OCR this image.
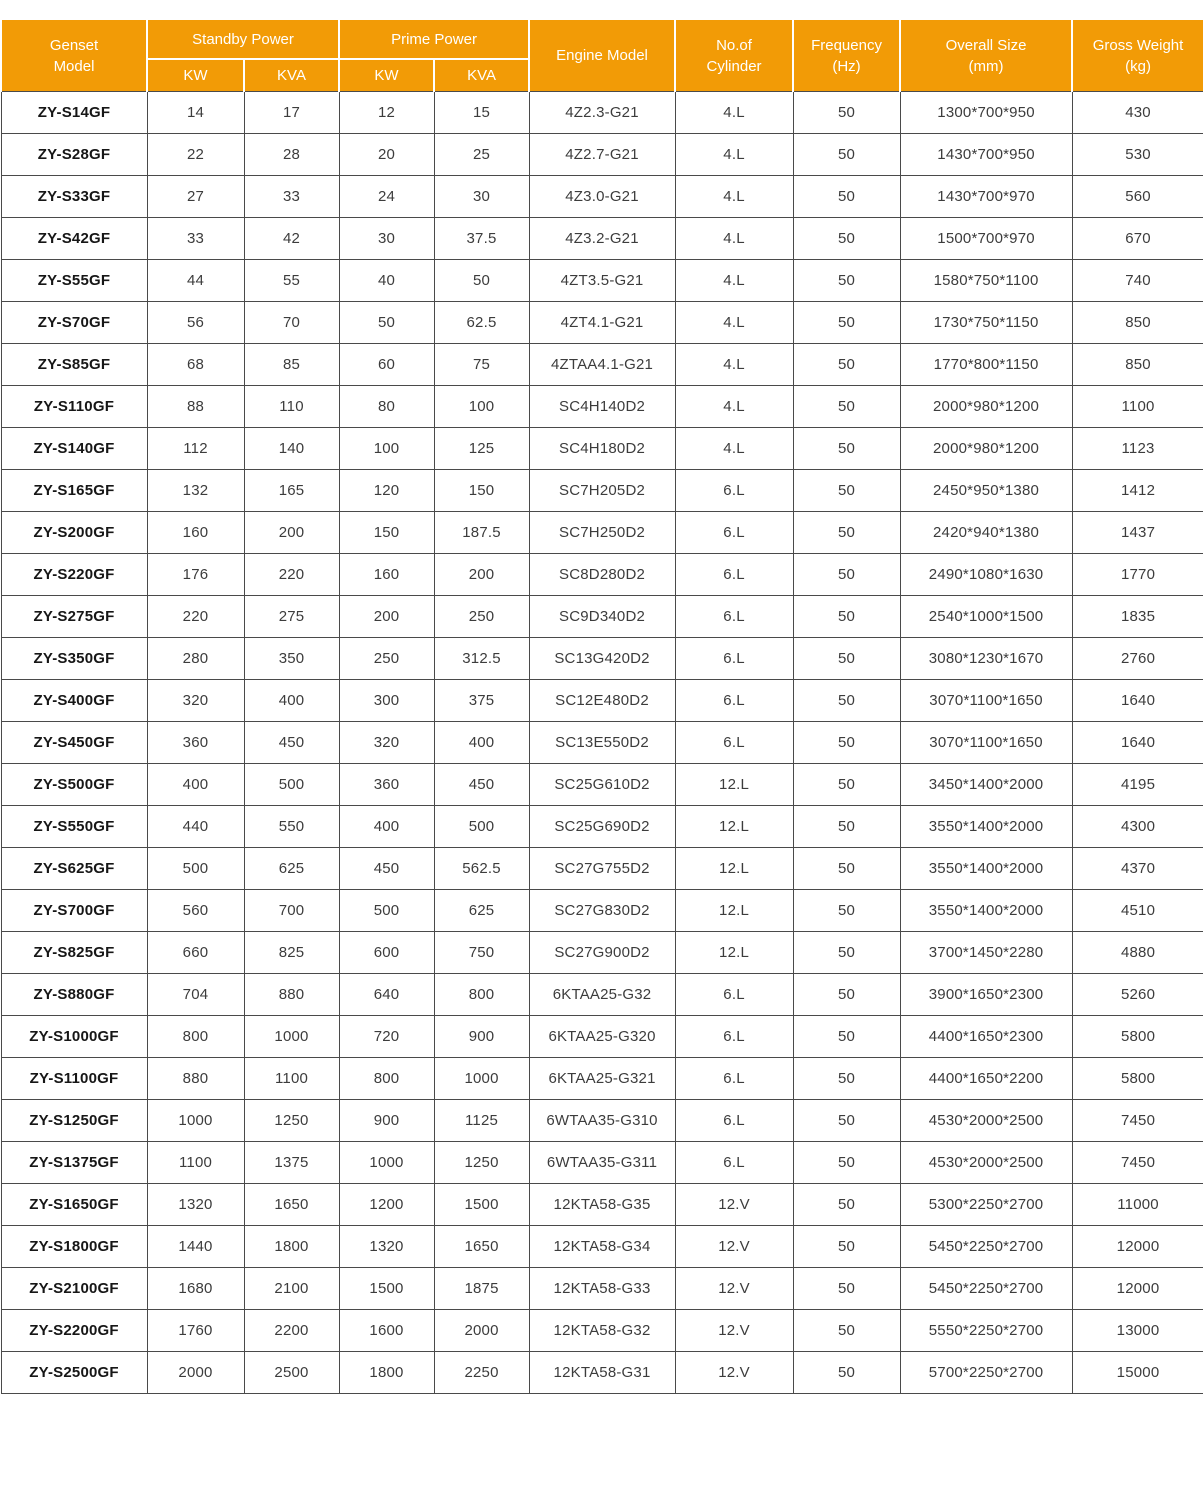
Genset Model	Standby Power		Prime Power		Engine Model	No.of Cylinder	Frequency (Hz)	Overall Size (mm)	Gross Weight (kg)
	KW	KVA	KW	KVA					
ZY-S14GF	14	17	12	15	4Z2.3-G21	4.L	50	1300*700*950	430
ZY-S28GF	22	28	20	25	4Z2.7-G21	4.L	50	1430*700*950	530
ZY-S33GF	27	33	24	30	4Z3.0-G21	4.L	50	1430*700*970	560
ZY-S42GF	33	42	30	37.5	4Z3.2-G21	4.L	50	1500*700*970	670
ZY-S55GF	44	55	40	50	4ZT3.5-G21	4.L	50	1580*750*1100	740
ZY-S70GF	56	70	50	62.5	4ZT4.1-G21	4.L	50	1730*750*1150	850
ZY-S85GF	68	85	60	75	4ZTAA4.1-G21	4.L	50	1770*800*1150	850
ZY-S110GF	88	110	80	100	SC4H140D2	4.L	50	2000*980*1200	1100
ZY-S140GF	112	140	100	125	SC4H180D2	4.L	50	2000*980*1200	1123
ZY-S165GF	132	165	120	150	SC7H205D2	6.L	50	2450*950*1380	1412
ZY-S200GF	160	200	150	187.5	SC7H250D2	6.L	50	2420*940*1380	1437
ZY-S220GF	176	220	160	200	SC8D280D2	6.L	50	2490*1080*1630	1770
ZY-S275GF	220	275	200	250	SC9D340D2	6.L	50	2540*1000*1500	1835
ZY-S350GF	280	350	250	312.5	SC13G420D2	6.L	50	3080*1230*1670	2760
ZY-S400GF	320	400	300	375	SC12E480D2	6.L	50	3070*1100*1650	1640
ZY-S450GF	360	450	320	400	SC13E550D2	6.L	50	3070*1100*1650	1640
ZY-S500GF	400	500	360	450	SC25G610D2	12.L	50	3450*1400*2000	4195
ZY-S550GF	440	550	400	500	SC25G690D2	12.L	50	3550*1400*2000	4300
ZY-S625GF	500	625	450	562.5	SC27G755D2	12.L	50	3550*1400*2000	4370
ZY-S700GF	560	700	500	625	SC27G830D2	12.L	50	3550*1400*2000	4510
ZY-S825GF	660	825	600	750	SC27G900D2	12.L	50	3700*1450*2280	4880
ZY-S880GF	704	880	640	800	6KTAA25-G32	6.L	50	3900*1650*2300	5260
ZY-S1000GF	800	1000	720	900	6KTAA25-G320	6.L	50	4400*1650*2300	5800
ZY-S1100GF	880	1100	800	1000	6KTAA25-G321	6.L	50	4400*1650*2200	5800
ZY-S1250GF	1000	1250	900	1125	6WTAA35-G310	6.L	50	4530*2000*2500	7450
ZY-S1375GF	1100	1375	1000	1250	6WTAA35-G311	6.L	50	4530*2000*2500	7450
ZY-S1650GF	1320	1650	1200	1500	12KTA58-G35	12.V	50	5300*2250*2700	11000
ZY-S1800GF	1440	1800	1320	1650	12KTA58-G34	12.V	50	5450*2250*2700	12000
ZY-S2100GF	1680	2100	1500	1875	12KTA58-G33	12.V	50	5450*2250*2700	12000
ZY-S2200GF	1760	2200	1600	2000	12KTA58-G32	12.V	50	5550*2250*2700	13000
ZY-S2500GF	2000	2500	1800	2250	12KTA58-G31	12.V	50	5700*2250*2700	15000
